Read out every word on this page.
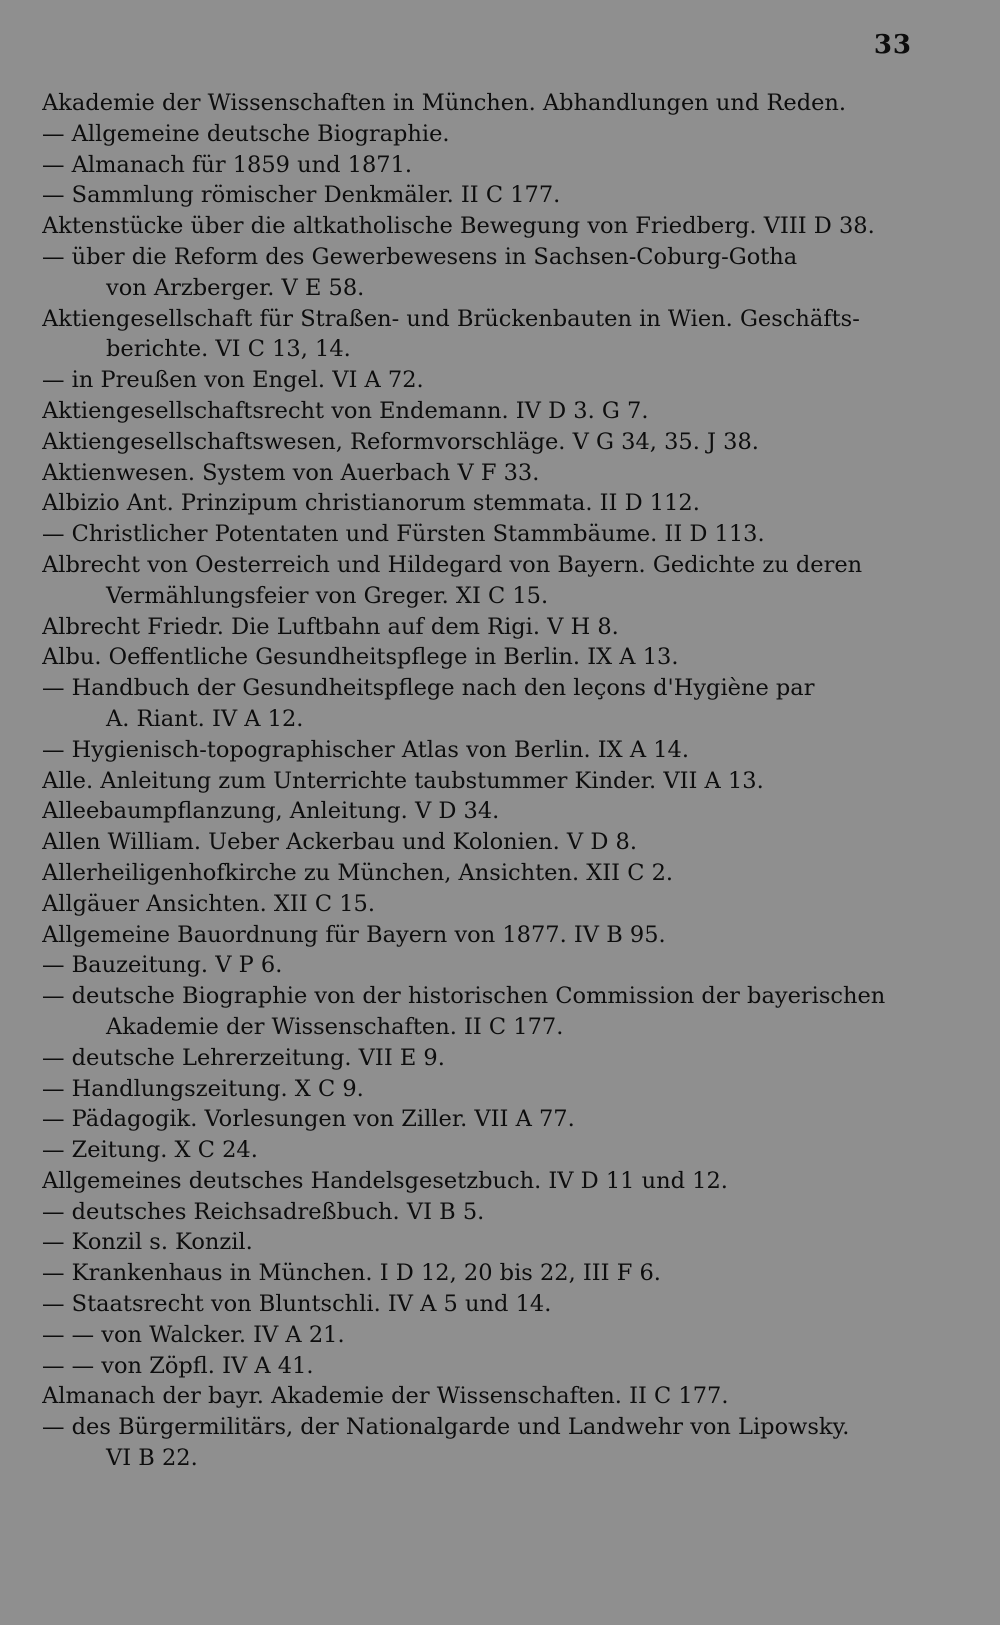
33
Akademie der Wissenschaften in München. Abhandlungen und Reden.
— Allgemeine deutsche Biographie.
— Almanach für 1859 und 1871.
— Sammlung römischer Denkmäler. II C 177.
Aktenstücke über die altkatholische Bewegung von Friedberg. VIII D 38.
— über die Reform des Gewerbewesens in Sachsen-Coburg-Gotha
von Arzberger. V E 58.
Aktiengesellschaft für Straßen- und Brückenbauten in Wien. Geschäfts-
berichte. VI C 13, 14.
— in Preußen von Engel. VI A 72.
Aktiengesellschaftsrecht von Endemann. IV D 3. G 7.
Aktiengesellschaftswesen, Reformvorschläge. V G 34, 35. J 38.
Aktienwesen. System von Auerbach V F 33.
Albizio Ant. Prinzipum christianorum stemmata. II D 112.
— Christlicher Potentaten und Fürsten Stammbäume. II D 113.
Albrecht von Oesterreich und Hildegard von Bayern. Gedichte zu deren
Vermählungsfeier von Greger. XI C 15.
Albrecht Friedr. Die Luftbahn auf dem Rigi. V H 8.
Albu. Oeffentliche Gesundheitspflege in Berlin. IX A 13.
— Handbuch der Gesundheitspflege nach den leçons d'Hygiène par
A. Riant. IV A 12.
— Hygienisch-topographischer Atlas von Berlin. IX A 14.
Alle. Anleitung zum Unterrichte taubstummer Kinder. VII A 13.
Alleebaumpflanzung, Anleitung. V D 34.
Allen William. Ueber Ackerbau und Kolonien. V D 8.
Allerheiligenhofkirche zu München, Ansichten. XII C 2.
Allgäuer Ansichten. XII C 15.
Allgemeine Bauordnung für Bayern von 1877. IV B 95.
— Bauzeitung. V P 6.
— deutsche Biographie von der historischen Commission der bayerischen
Akademie der Wissenschaften. II C 177.
— deutsche Lehrerzeitung. VII E 9.
— Handlungszeitung. X C 9.
— Pädagogik. Vorlesungen von Ziller. VII A 77.
— Zeitung. X C 24.
Allgemeines deutsches Handelsgesetzbuch. IV D 11 und 12.
— deutsches Reichsadreßbuch. VI B 5.
— Konzil s. Konzil.
— Krankenhaus in München. I D 12, 20 bis 22, III F 6.
— Staatsrecht von Bluntschli. IV A 5 und 14.
— — von Walcker. IV A 21.
— — von Zöpfl. IV A 41.
Almanach der bayr. Akademie der Wissenschaften. II C 177.
— des Bürgermilitärs, der Nationalgarde und Landwehr von Lipowsky.
VI B 22.
